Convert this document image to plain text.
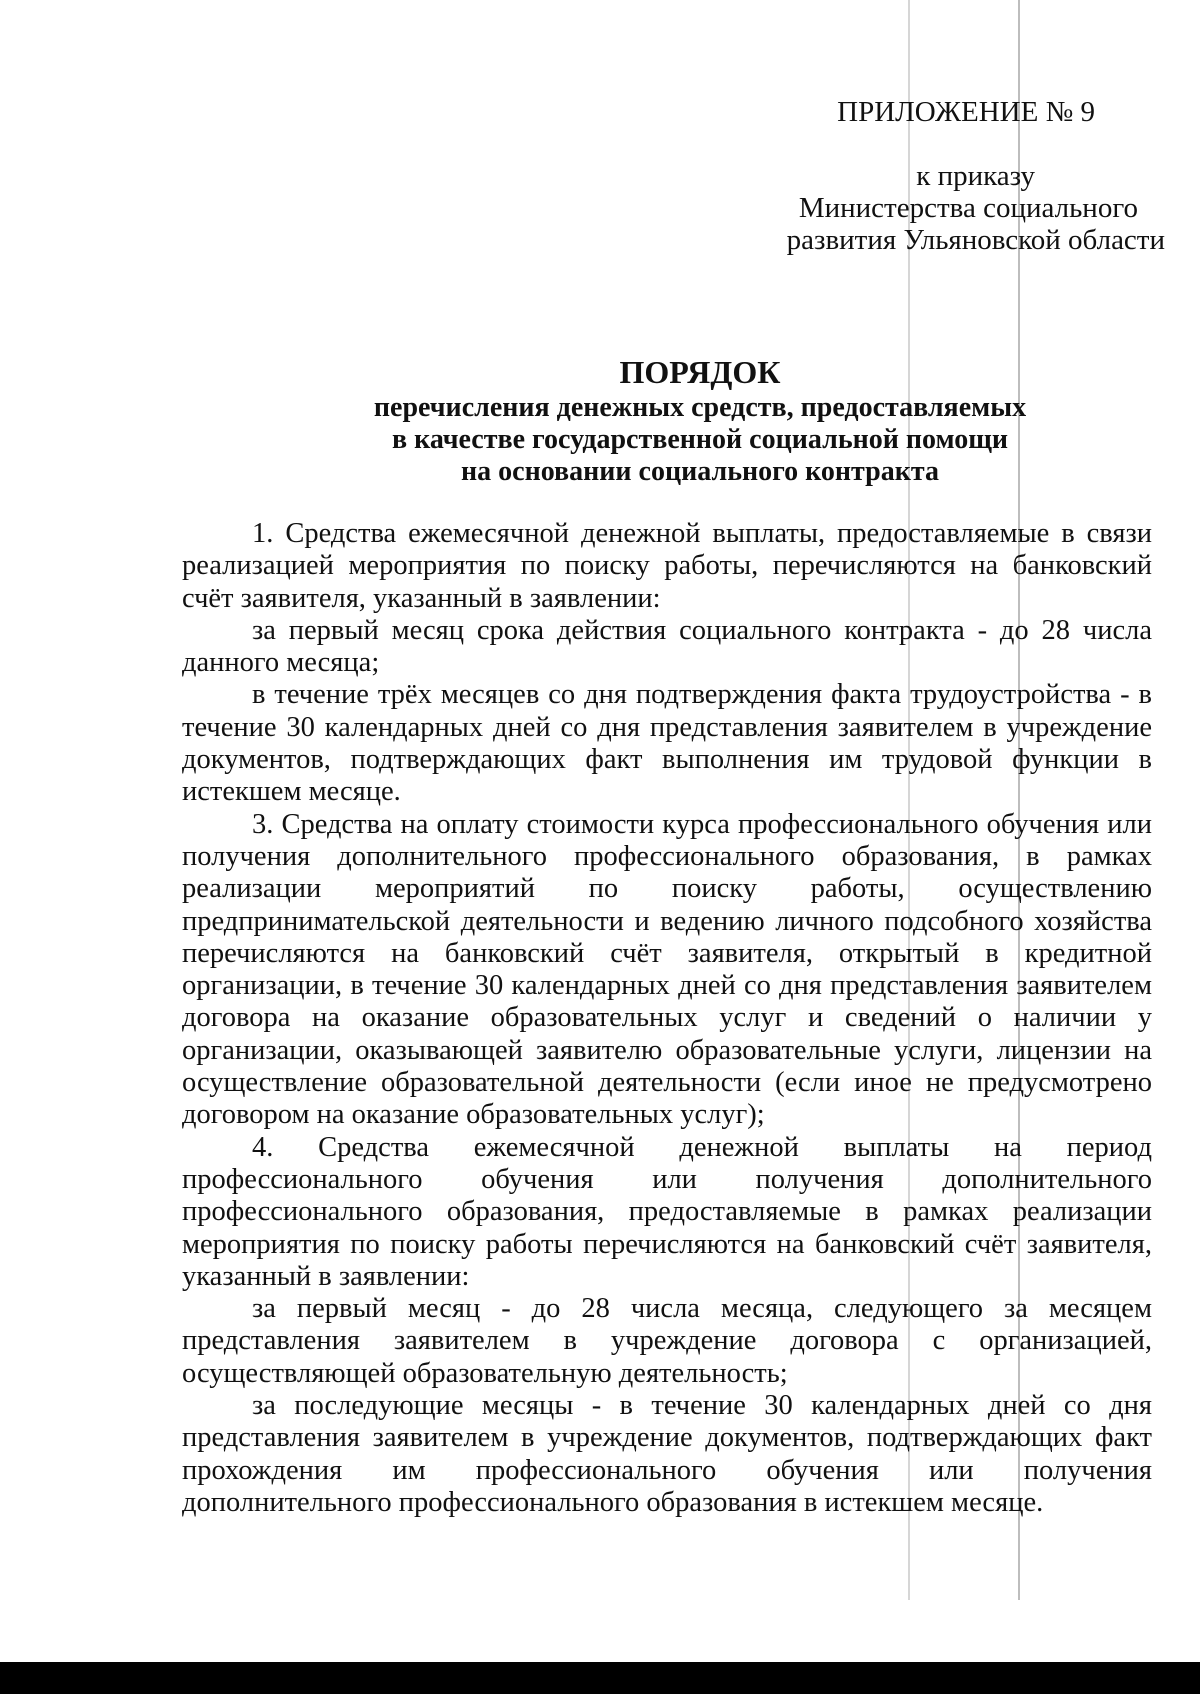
ПРИЛОЖЕНИЕ № 9
к приказу
Министерства социального
развития Ульяновской области
ПОРЯДОК
перечисления денежных средств, предоставляемых
в качестве государственной социальной помощи
на основании социального контракта

1. Средства ежемесячной денежной выплаты, предоставляемые в связи реализацией мероприятия по поиску работы, перечисляются на банковский счёт заявителя, указанный в заявлении:

за первый месяц срока действия социального контракта - до 28 числа данного месяца;

в течение трёх месяцев со дня подтверждения факта трудоустройства - в течение 30 календарных дней со дня представления заявителем в учреждение документов, подтверждающих факт выполнения им трудовой функции в истекшем месяце.

3. Средства на оплату стоимости курса профессионального обучения или получения дополнительного профессионального образования, в рамках реализации мероприятий по поиску работы, осуществлению предпринимательской деятельности и ведению личного подсобного хозяйства перечисляются на банковский счёт заявителя, открытый в кредитной организации, в течение 30 календарных дней со дня представления заявителем договора на оказание образовательных услуг и сведений о наличии у организации, оказывающей заявителю образовательные услуги, лицензии на осуществление образовательной деятельности (если иное не предусмотрено договором на оказание образовательных услуг);

4. Средства ежемесячной денежной выплаты на период профессионального обучения или получения дополнительного профессионального образования, предоставляемые в рамках реализации мероприятия по поиску работы перечисляются на банковский счёт заявителя, указанный в заявлении:

за первый месяц - до 28 числа месяца, следующего за месяцем представления заявителем в учреждение договора с организацией, осуществляющей образовательную деятельность;

за последующие месяцы - в течение 30 календарных дней со дня представления заявителем в учреждение документов, подтверждающих факт прохождения им профессионального обучения или получения дополнительного профессионального образования в истекшем месяце.
